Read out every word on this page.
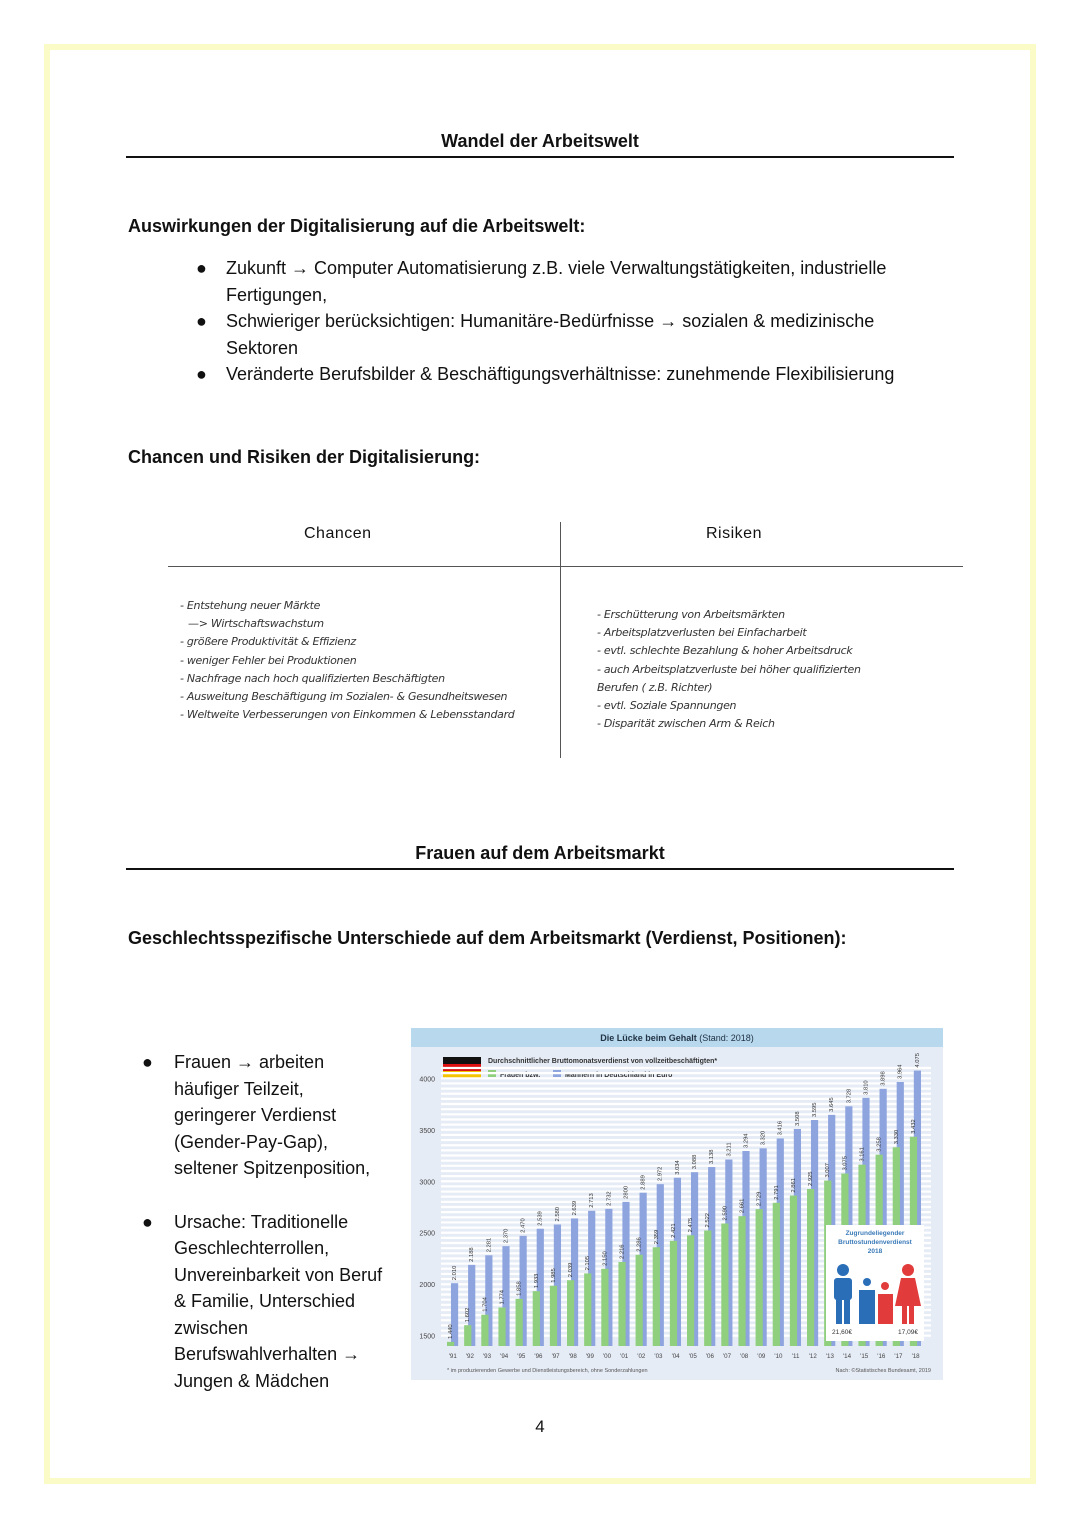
Wandel der Arbeitswelt
Auswirkungen der Digitalisierung auf die Arbeitswelt:
● Zukunft → Computer Automatisierung z.B. viele Verwaltungstätigkeiten, industrielle
Fertigungen,
● Schwieriger berücksichtigen: Humanitäre-Bedürfnisse → sozialen & medizinische
Sektoren
● Veränderte Berufsbilder & Beschäftigungsverhältnisse: zunehmende Flexibilisierung
Chancen und Risiken der Digitalisierung:
Chancen	Risiken
- Entstehung neuer Märkte
—> Wirtschaftswachstum
- größere Produktivität & Effizienz
- weniger Fehler bei Produktionen
- Nachfrage nach hoch qualifizierten Beschäftigten
- Ausweitung Beschäftigung im Sozialen- & Gesundheitswesen
- Weltweite Verbesserungen von Einkommen & Lebensstandard
- Erschütterung von Arbeitsmärkten
- Arbeitsplatzverlusten bei Einfacharbeit
- evtl. schlechte Bezahlung & hoher Arbeitsdruck
- auch Arbeitsplatzverluste bei höher qualifizierten
Berufen ( z.B. Richter)
- evtl. Soziale Spannungen
- Disparität zwischen Arm & Reich
Frauen auf dem Arbeitsmarkt
Geschlechtsspezifische Unterschiede auf dem Arbeitsmarkt (Verdienst, Positionen):
● Frauen → arbeiten
häufiger Teilzeit,
geringerer Verdienst
(Gender-Pay-Gap),
seltener Spitzenposition,
● Ursache: Traditionelle
Geschlechterrollen,
Unvereinbarkeit von Beruf
& Familie, Unterschied
zwischen
Berufswahlverhalten →
Jungen & Mädchen
Die Lücke beim Gehalt (Stand: 2018)
Durchschnittlicher Bruttomonatsverdienst von vollzeitbeschäftigten*
Frauen bzw.	Männern in Deutschland in Euro
4000
3500
3000
2500
2000
1500
2.010
1.440
2.188
1.602
2.281
1.704
2.370
1.774
2.470
1.858
2.539
1.933
2.580
1.985
2.639
2.039
2.713
2.105
2.732
2.150
2800
2.216
2.889
2.286
2.972
2.359
3.034
2.421
3.088
2.475
3.138
2.522
3.211
2.590
3.294
2.661
3.320
2.729
3.416
2.791
3.508
2.861
3.595
2.925
3.645
3.007
3.728
3.075
3.810
3.161
3.898
3.258
3.964
3.330
4.075
3.432
'91 '92 '93 '94 '95 '96 '97 '98 '99 '00 '01 '02 '03 '04 '05 '06 '07 '08 '09 '10 '11 '12 '13 '14 '15 '16 '17 '18
Zugrundeliegender
Bruttostundenverdienst
2018
21,60€	17,09€
* im produzierenden Gewerbe und Dienstleistungsbereich, ohne Sonderzahlungen	Nach: ©Statistisches Bundesamt, 2019
4
